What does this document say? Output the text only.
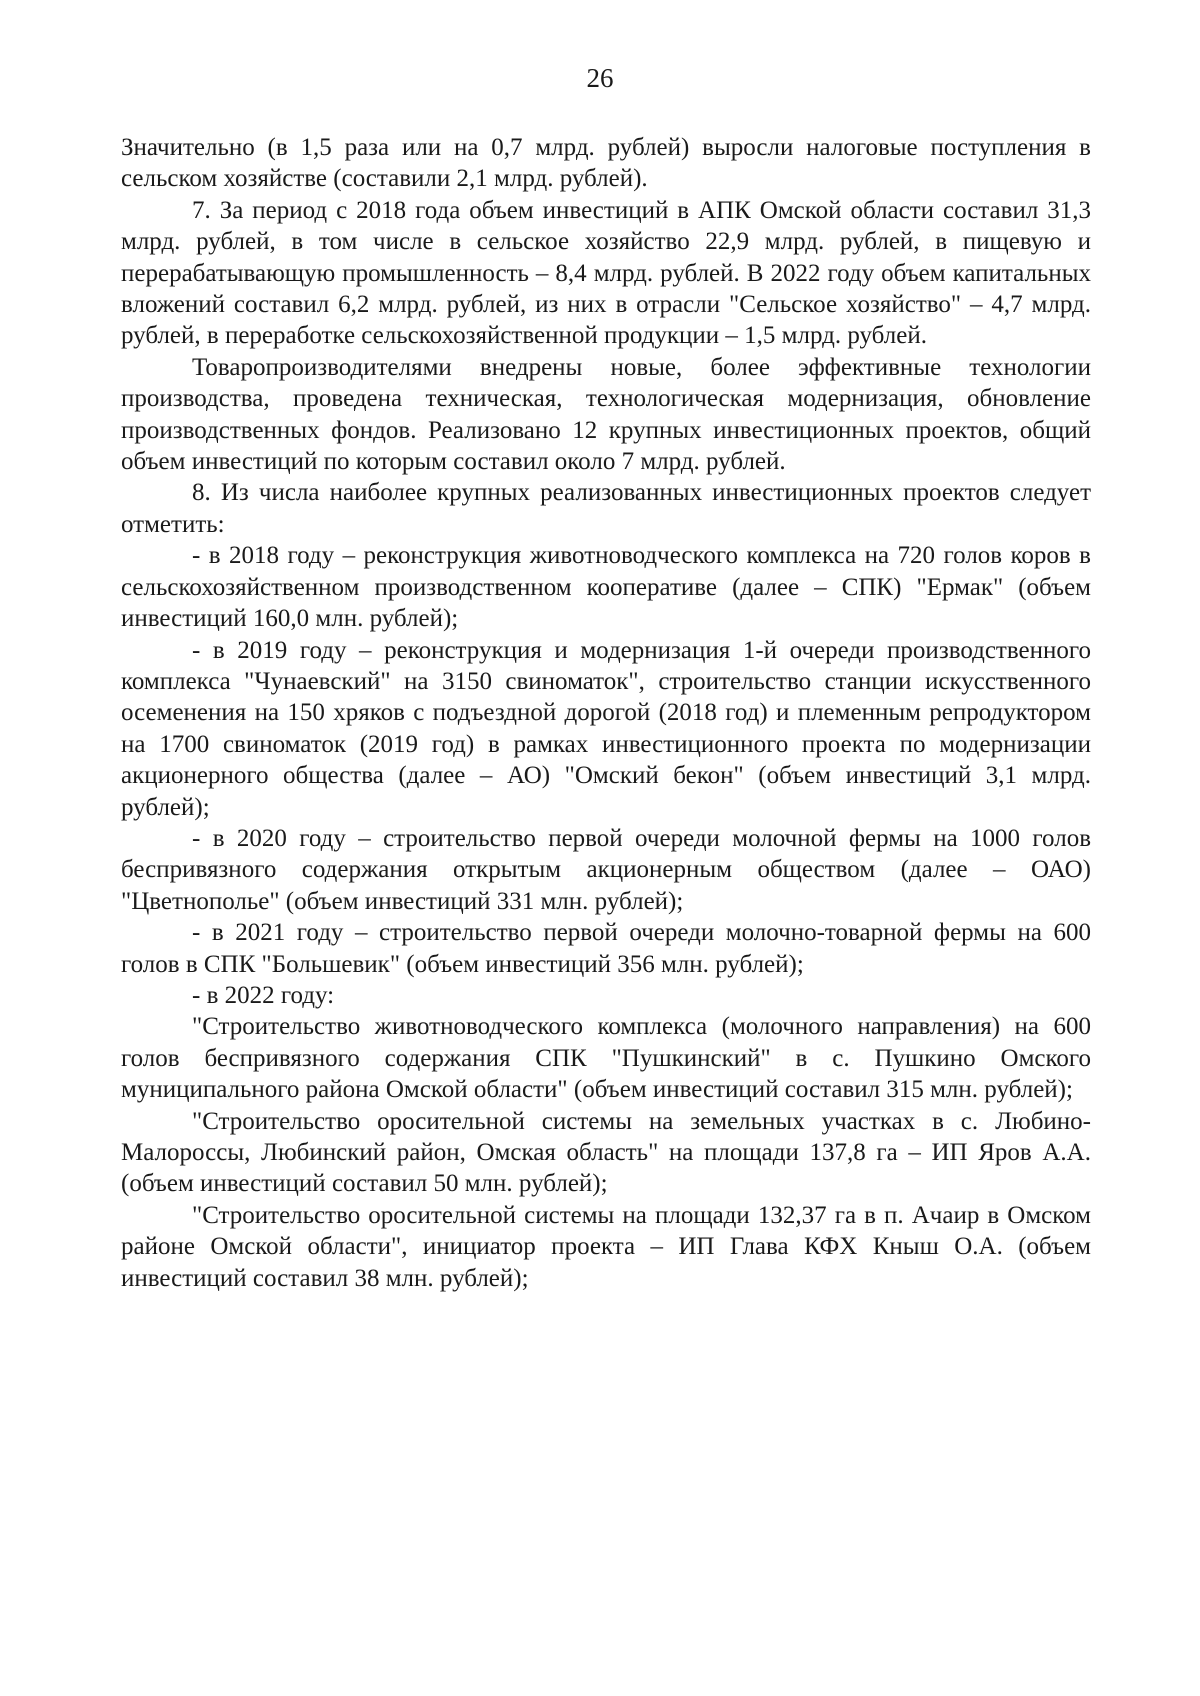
26

Значительно (в 1,5 раза или на 0,7 млрд. рублей) выросли налоговые поступления в сельском хозяйстве (составили 2,1 млрд. рублей).

7. За период с 2018 года объем инвестиций в АПК Омской области составил 31,3 млрд. рублей, в том числе в сельское хозяйство 22,9 млрд. рублей, в пищевую и перерабатывающую промышленность – 8,4 млрд. рублей. В 2022 году объем капитальных вложений составил 6,2 млрд. рублей, из них в отрасли "Сельское хозяйство" – 4,7 млрд. рублей, в переработке сельскохозяйственной продукции – 1,5 млрд. рублей.

Товаропроизводителями внедрены новые, более эффективные технологии производства, проведена техническая, технологическая модернизация, обновление производственных фондов. Реализовано 12 крупных инвестиционных проектов, общий объем инвестиций по которым составил около 7 млрд. рублей.

8. Из числа наиболее крупных реализованных инвестиционных проектов следует отметить:

- в 2018 году – реконструкция животноводческого комплекса на 720 голов коров в сельскохозяйственном производственном кооперативе (далее – СПК) "Ермак" (объем инвестиций 160,0 млн. рублей);

- в 2019 году – реконструкция и модернизация 1-й очереди производственного комплекса "Чунаевский" на 3150 свиноматок", строительство станции искусственного осеменения на 150 хряков с подъездной дорогой (2018 год) и племенным репродуктором на 1700 свиноматок (2019 год) в рамках инвестиционного проекта по модернизации акционерного общества (далее – АО) "Омский бекон" (объем инвестиций 3,1 млрд. рублей);

- в 2020 году – строительство первой очереди молочной фермы на 1000 голов беспривязного содержания открытым акционерным обществом (далее – ОАО) "Цветнополье" (объем инвестиций 331 млн. рублей);

- в 2021 году – строительство первой очереди молочно-товарной фермы на 600 голов в СПК "Большевик" (объем инвестиций 356 млн. рублей);

- в 2022 году:

"Строительство животноводческого комплекса (молочного направления) на 600 голов беспривязного содержания СПК "Пушкинский" в с. Пушкино Омского муниципального района Омской области" (объем инвестиций составил 315 млн. рублей);

"Строительство оросительной системы на земельных участках в с. Любино-Малороссы, Любинский район, Омская область" на площади 137,8 га – ИП Яров А.А. (объем инвестиций составил 50 млн. рублей);

"Строительство оросительной системы на площади 132,37 га в п. Ачаир в Омском районе Омской области", инициатор проекта – ИП Глава КФХ Кныш О.А. (объем инвестиций составил 38 млн. рублей);
